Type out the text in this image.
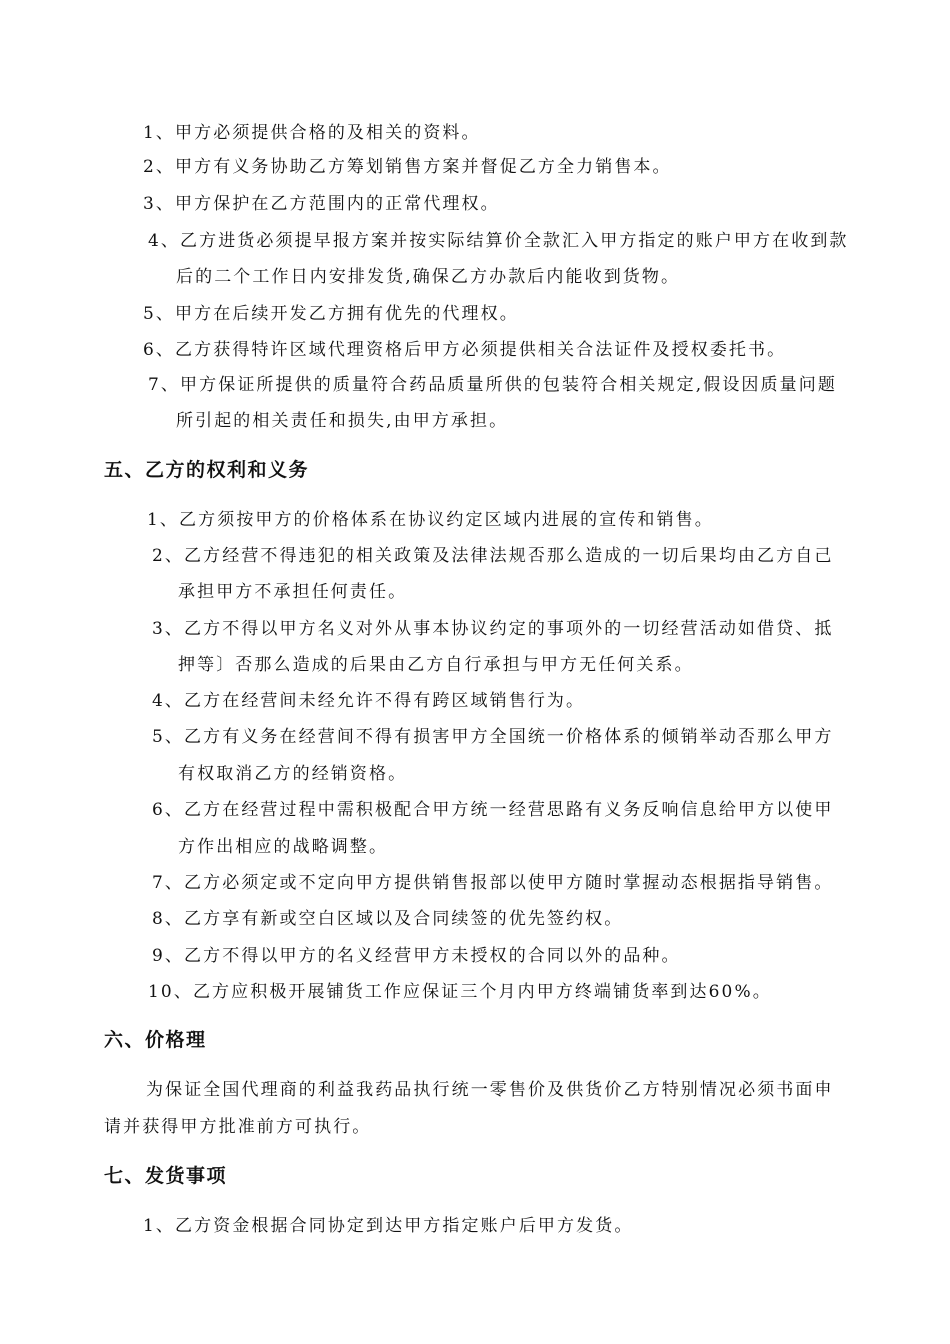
1、甲方必须提供合格的及相关的资料。
2、甲方有义务协助乙方筹划销售方案并督促乙方全力销售本。
3、甲方保护在乙方范围内的正常代理权。
4、乙方进货必须提早报方案并按实际结算价全款汇入甲方指定的账户甲方在收到款
后的二个工作日内安排发货,确保乙方办款后内能收到货物。
5、甲方在后续开发乙方拥有优先的代理权。
6、乙方获得特许区域代理资格后甲方必须提供相关合法证件及授权委托书。
7、甲方保证所提供的质量符合药品质量所供的包装符合相关规定,假设因质量问题
所引起的相关责任和损失,由甲方承担。
五、乙方的权利和义务
1、乙方须按甲方的价格体系在协议约定区域内进展的宣传和销售。
2、乙方经营不得违犯的相关政策及法律法规否那么造成的一切后果均由乙方自己
承担甲方不承担任何责任。
3、乙方不得以甲方名义对外从事本协议约定的事项外的一切经营活动如借贷、抵
押等〕否那么造成的后果由乙方自行承担与甲方无任何关系。
4、乙方在经营间未经允许不得有跨区域销售行为。
5、乙方有义务在经营间不得有损害甲方全国统一价格体系的倾销举动否那么甲方
有权取消乙方的经销资格。
6、乙方在经营过程中需积极配合甲方统一经营思路有义务反响信息给甲方以使甲
方作出相应的战略调整。
7、乙方必须定或不定向甲方提供销售报部以使甲方随时掌握动态根据指导销售。
8、乙方享有新或空白区域以及合同续签的优先签约权。
9、乙方不得以甲方的名义经营甲方未授权的合同以外的品种。
10、乙方应积极开展铺货工作应保证三个月内甲方终端铺货率到达60%。
六、价格理
为保证全国代理商的利益我药品执行统一零售价及供货价乙方特别情况必须书面申
请并获得甲方批准前方可执行。
七、发货事项
1、乙方资金根据合同协定到达甲方指定账户后甲方发货。
